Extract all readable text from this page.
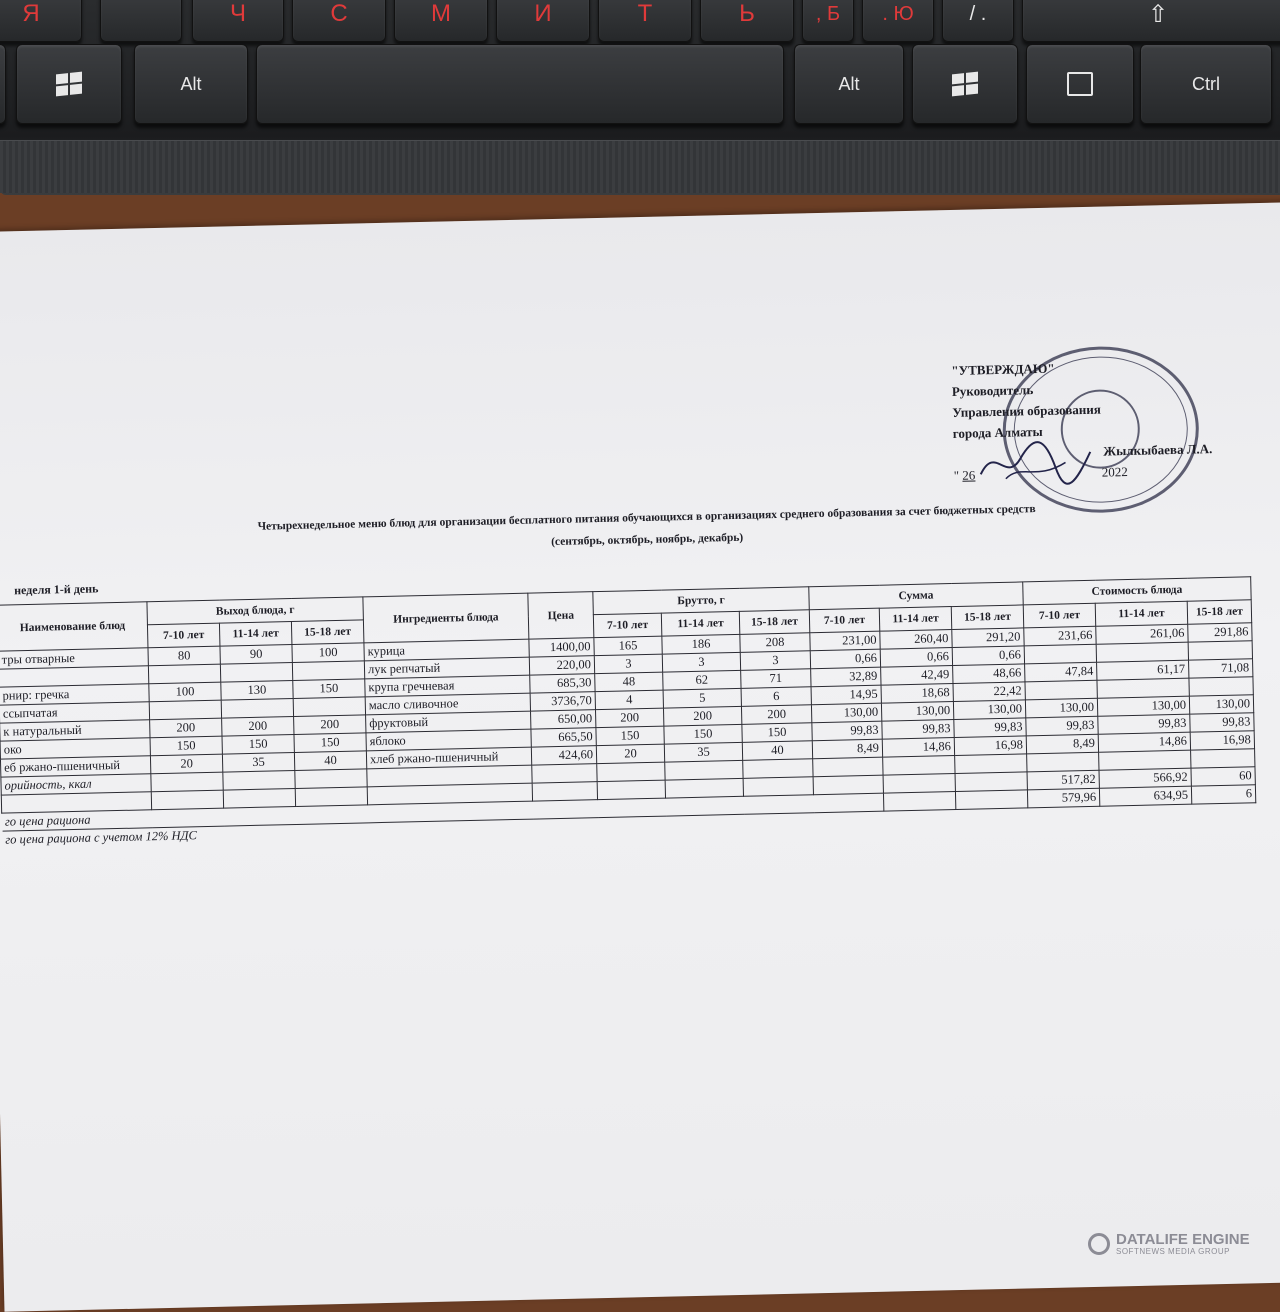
Я	Ч	С	М	И	Т	Ь	, Б . Ю	/ .	⇧
Alt	Alt	Ctrl
"УТВЕРЖДАЮ"
Руководитель
Управления образования
города Алматы
Жылкыбаева Л.А.
" 26	2022
Четырехнедельное меню блюд для организации бесплатного питания обучающихся в организациях среднего образования за счет бюджетных средств
(сентябрь, октябрь, ноябрь, декабрь)
неделя 1-й день
Наименование блюд	Выход блюда, г			Ингредиенты блюда	Цена	Брутто, г			Сумма			Стоимость блюда		
	7-10 лет	11-14 лет	15-18 лет			7-10 лет	11-14 лет	15-18 лет	7-10 лет	11-14 лет	15-18 лет	7-10 лет	11-14 лет	15-18 лет
тры отварные	80	90	100	курица	1400,00	165	186	208	231,00	260,40	291,20	231,66	261,06	291,86
				лук репчатый	220,00	3	3	3	0,66	0,66	0,66			
рнир: гречка	100	130	150	крупа гречневая	685,30	48	62	71	32,89	42,49	48,66	47,84	61,17	71,08
ссыпчатая				масло сливочное	3736,70	4	5	6	14,95	18,68	22,42			
к натуральный	200	200	200	фруктовый	650,00	200	200	200	130,00	130,00	130,00	130,00	130,00	130,00
око	150	150	150	яблоко	665,50	150	150	150	99,83	99,83	99,83	99,83	99,83	99,83
еб ржано-пшеничный	20	35	40	хлеб ржано-пшеничный	424,60	20	35	40	8,49	14,86	16,98	8,49	14,86	16,98
орийность, ккал														
												517,82	566,92	60
го цена рациона												579,96	634,95	6
го цена рациона с учетом 12% НДС														
DATALIFE ENGINE
SOFTNEWS MEDIA GROUP
